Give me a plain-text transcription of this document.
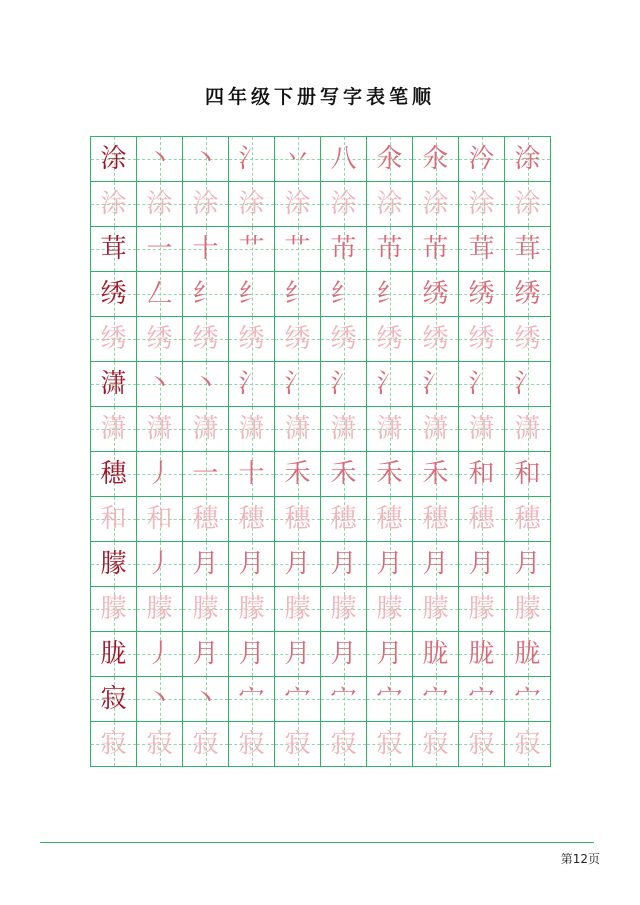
四年级下册写字表笔顺
涂 丶 丶 氵 丷 八 氽 氽 汵 涂
涂 涂 涂 涂 涂 涂 涂 涂 涂 涂
茸 一 十 艹 艹 芇 芇 芇 茸 茸
绣 𠃋 纟 纟 纟 纟 纟 绣 绣 绣
绣 绣 绣 绣 绣 绣 绣 绣 绣 绣
潇 丶 丶 氵 氵 氵 氵 氵 氵 氵
潇 潇 潇 潇 潇 潇 潇 潇 潇 潇
穗 丿 一 十 禾 禾 禾 禾 和 和
和 和 穗 穗 穗 穗 穗 穗 穗 穗
朦 丿 月 月 月 月 月 月 月 月
朦 朦 朦 朦 朦 朦 朦 朦 朦 朦
胧 丿 月 月 月 月 月 胧 胧 胧
寂 丶 丶 宀 宀 宀 宀 宀 宀 宀
寂 寂 寂 寂 寂 寂 寂 寂 寂 寂
第12页
